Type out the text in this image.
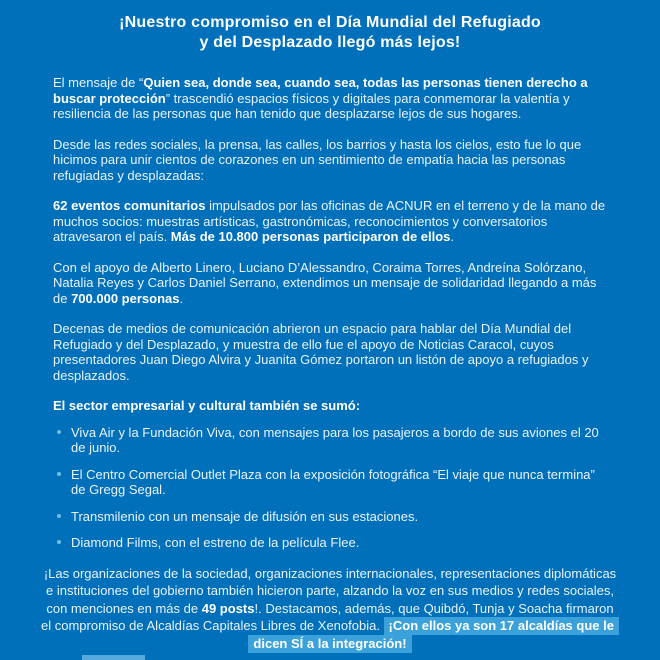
¡Nuestro compromiso en el Día Mundial del Refugiado
y del Desplazado llegó más lejos!

El mensaje de “Quien sea, donde sea, cuando sea, todas las personas tienen derecho a buscar protección” trascendió espacios físicos y digitales para conmemorar la valentía y resiliencia de las personas que han tenido que desplazarse lejos de sus hogares.

Desde las redes sociales, la prensa, las calles, los barrios y hasta los cielos, esto fue lo que hicimos para unir cientos de corazones en un sentimiento de empatía hacia las personas refugiadas y desplazadas:

62 eventos comunitarios impulsados por las oficinas de ACNUR en el terreno y de la mano de muchos socios: muestras artísticas, gastronómicas, reconocimientos y conversatorios atravesaron el país. Más de 10.800 personas participaron de ellos.

Con el apoyo de Alberto Linero, Luciano D’Alessandro, Coraima Torres, Andreína Solórzano, Natalia Reyes y Carlos Daniel Serrano, extendimos un mensaje de solidaridad llegando a más de 700.000 personas.

Decenas de medios de comunicación abrieron un espacio para hablar del Día Mundial del Refugiado y del Desplazado, y muestra de ello fue el apoyo de Noticias Caracol, cuyos presentadores Juan Diego Alvira y Juanita Gómez portaron un listón de apoyo a refugiados y desplazados.

El sector empresarial y cultural también se sumó:

Viva Air y la Fundación Viva, con mensajes para los pasajeros a bordo de sus aviones el 20 de junio.
El Centro Comercial Outlet Plaza con la exposición fotográfica “El viaje que nunca termina” de Gregg Segal.
Transmilenio con un mensaje de difusión en sus estaciones.
Diamond Films, con el estreno de la película Flee.

¡Las organizaciones de la sociedad, organizaciones internacionales, representaciones diplomáticas e instituciones del gobierno también hicieron parte, alzando la voz en sus medios y redes sociales, con menciones en más de 49 posts!. Destacamos, además, que Quibdó, Tunja y Soacha firmaron el compromiso de Alcaldías Capitales Libres de Xenofobia. ¡Con ellos ya son 17 alcaldías que le dicen SÍ a la integración!
